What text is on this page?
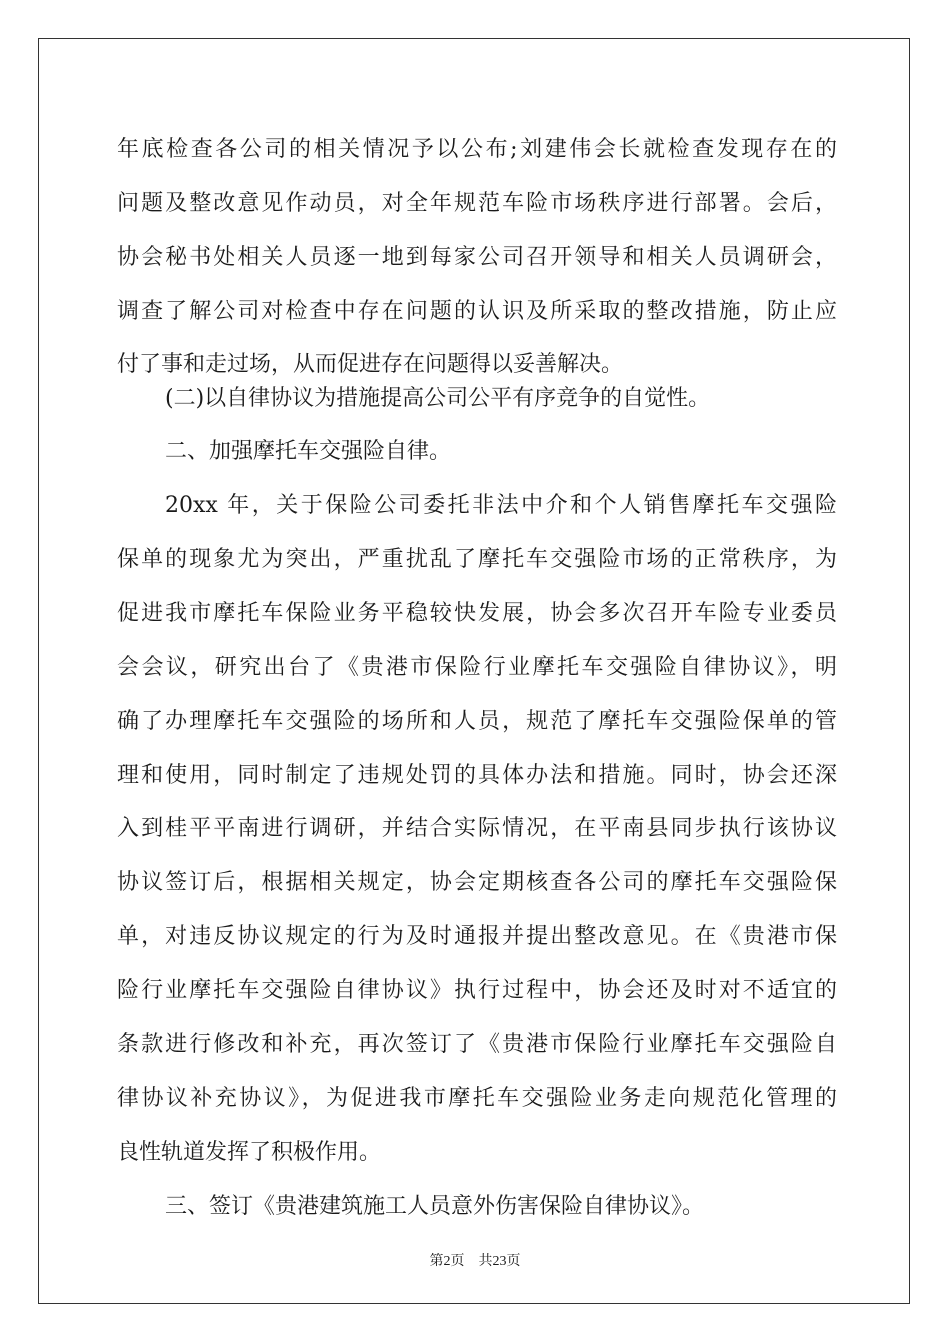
年底检查各公司的相关情况予以公布;刘建伟会长就检查发现存在的
问题及整改意见作动员，对全年规范车险市场秩序进行部署。会后，
协会秘书处相关人员逐一地到每家公司召开领导和相关人员调研会，
调查了解公司对检查中存在问题的认识及所采取的整改措施，防止应
付了事和走过场，从而促进存在问题得以妥善解决。
(二)以自律协议为措施提高公司公平有序竞争的自觉性。
二、加强摩托车交强险自律。
20xx 年，关于保险公司委托非法中介和个人销售摩托车交强险
保单的现象尤为突出，严重扰乱了摩托车交强险市场的正常秩序，为
促进我市摩托车保险业务平稳较快发展，协会多次召开车险专业委员
会会议，研究出台了《贵港市保险行业摩托车交强险自律协议》，明
确了办理摩托车交强险的场所和人员，规范了摩托车交强险保单的管
理和使用，同时制定了违规处罚的具体办法和措施。同时，协会还深
入到桂平平南进行调研，并结合实际情况，在平南县同步执行该协议
协议签订后，根据相关规定，协会定期核查各公司的摩托车交强险保
单，对违反协议规定的行为及时通报并提出整改意见。在《贵港市保
险行业摩托车交强险自律协议》执行过程中，协会还及时对不适宜的
条款进行修改和补充，再次签订了《贵港市保险行业摩托车交强险自
律协议补充协议》，为促进我市摩托车交强险业务走向规范化管理的
良性轨道发挥了积极作用。
三、签订《贵港建筑施工人员意外伤害保险自律协议》。
第2页 共23页
